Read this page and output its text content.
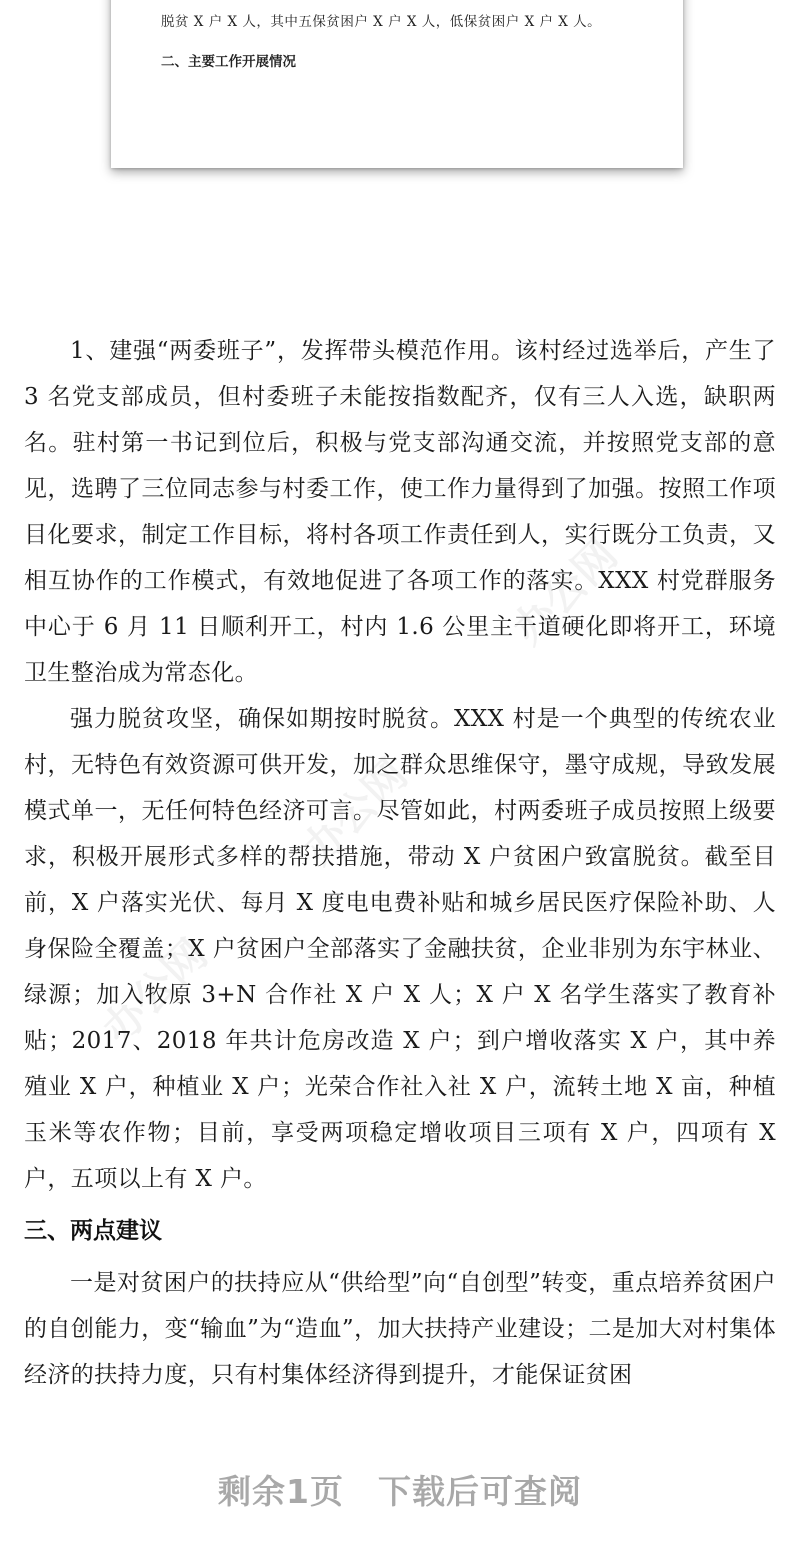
脱贫 X 户 X 人，其中五保贫困户 X 户 X 人，低保贫困户 X 户 X 人。
二、主要工作开展情况
办公网
办公网
办公网

1、建强“两委班子”，发挥带头模范作用。该村经过选举后，产生了 3 名党支部成员，但村委班子未能按指数配齐，仅有三人入选，缺职两名。驻村第一书记到位后，积极与党支部沟通交流，并按照党支部的意见，选聘了三位同志参与村委工作，使工作力量得到了加强。按照工作项目化要求，制定工作目标，将村各项工作责任到人，实行既分工负责，又相互协作的工作模式，有效地促进了各项工作的落实。XXX 村党群服务中心于 6 月 11 日顺利开工，村内 1.6 公里主干道硬化即将开工，环境卫生整治成为常态化。

强力脱贫攻坚，确保如期按时脱贫。XXX 村是一个典型的传统农业村，无特色有效资源可供开发，加之群众思维保守，墨守成规，导致发展模式单一，无任何特色经济可言。尽管如此，村两委班子成员按照上级要求，积极开展形式多样的帮扶措施，带动 X 户贫困户致富脱贫。截至目前，X 户落实光伏、每月 X 度电电费补贴和城乡居民医疗保险补助、人身保险全覆盖；X 户贫困户全部落实了金融扶贫，企业非别为东宇林业、绿源；加入牧原 3+N 合作社 X 户 X 人；X 户 X 名学生落实了教育补贴；2017、2018 年共计危房改造 X 户；到户增收落实 X 户，其中养殖业 X 户，种植业 X 户；光荣合作社入社 X 户，流转土地 X 亩，种植玉米等农作物；目前，享受两项稳定增收项目三项有 X 户，四项有 X 户，五项以上有 X 户。

三、两点建议

一是对贫困户的扶持应从“供给型”向“自创型”转变，重点培养贫困户的自创能力，变“输血”为“造血”，加大扶持产业建设；二是加大对村集体经济的扶持力度，只有村集体经济得到提升，才能保证贫困

剩余1页 下载后可查阅
